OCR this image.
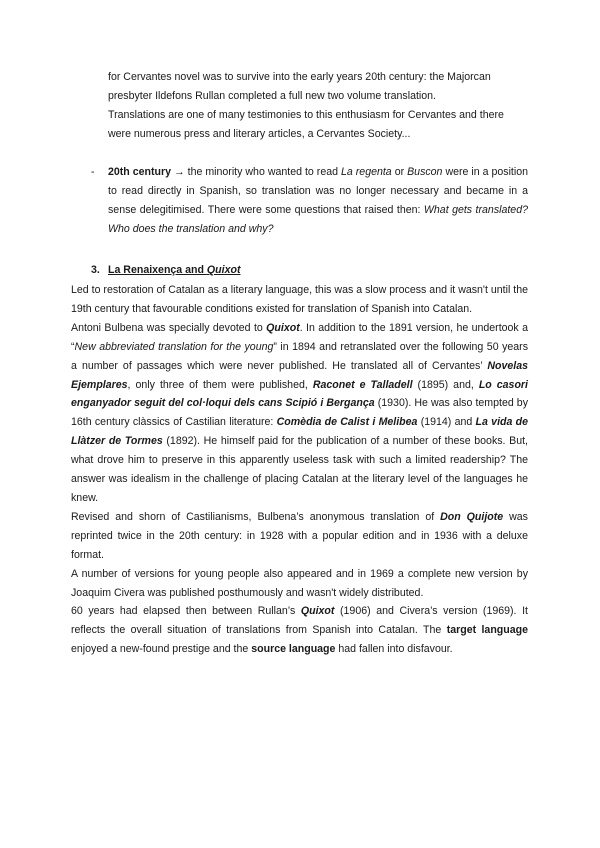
for Cervantes novel was to survive into the early years 20th century: the Majorcan presbyter Ildefons Rullan completed a full new two volume translation.

Translations are one of many testimonies to this enthusiasm for Cervantes and there were numerous press and literary articles, a Cervantes Society...

- 20th century → the minority who wanted to read La regenta or Buscon were in a position to read directly in Spanish, so translation was no longer necessary and became in a sense delegitimised. There were some questions that raised then: What gets translated? Who does the translation and why?
3. La Renaixença and Quixot

Led to restoration of Catalan as a literary language, this was a slow process and it wasn't until the 19th century that favourable conditions existed for translation of Spanish into Catalan.

Antoni Bulbena was specially devoted to Quixot. In addition to the 1891 version, he undertook a “New abbreviated translation for the young” in 1894 and retranslated over the following 50 years a number of passages which were never published. He translated all of Cervantes’ Novelas Ejemplares, only three of them were published, Raconet e Talladell (1895) and, Lo casori enganyador seguit del col·loqui dels cans Scipió i Bergança (1930). He was also tempted by 16th century clàssics of Castilian literature: Comèdia de Calist i Melibea (1914) and La vida de Llàtzer de Tormes (1892). He himself paid for the publication of a number of these books. But, what drove him to preserve in this apparently useless task with such a limited readership? The answer was idealism in the challenge of placing Catalan at the literary level of the languages he knew.

Revised and shorn of Castilianisms, Bulbena’s anonymous translation of Don Quijote was reprinted twice in the 20th century: in 1928 with a popular edition and in 1936 with a deluxe format.

A number of versions for young people also appeared and in 1969 a complete new version by Joaquim Civera was published posthumously and wasn't widely distributed.

60 years had elapsed then between Rullan’s Quixot (1906) and Civera’s version (1969). It reflects the overall situation of translations from Spanish into Catalan. The target language enjoyed a new-found prestige and the source language had fallen into disfavour.
